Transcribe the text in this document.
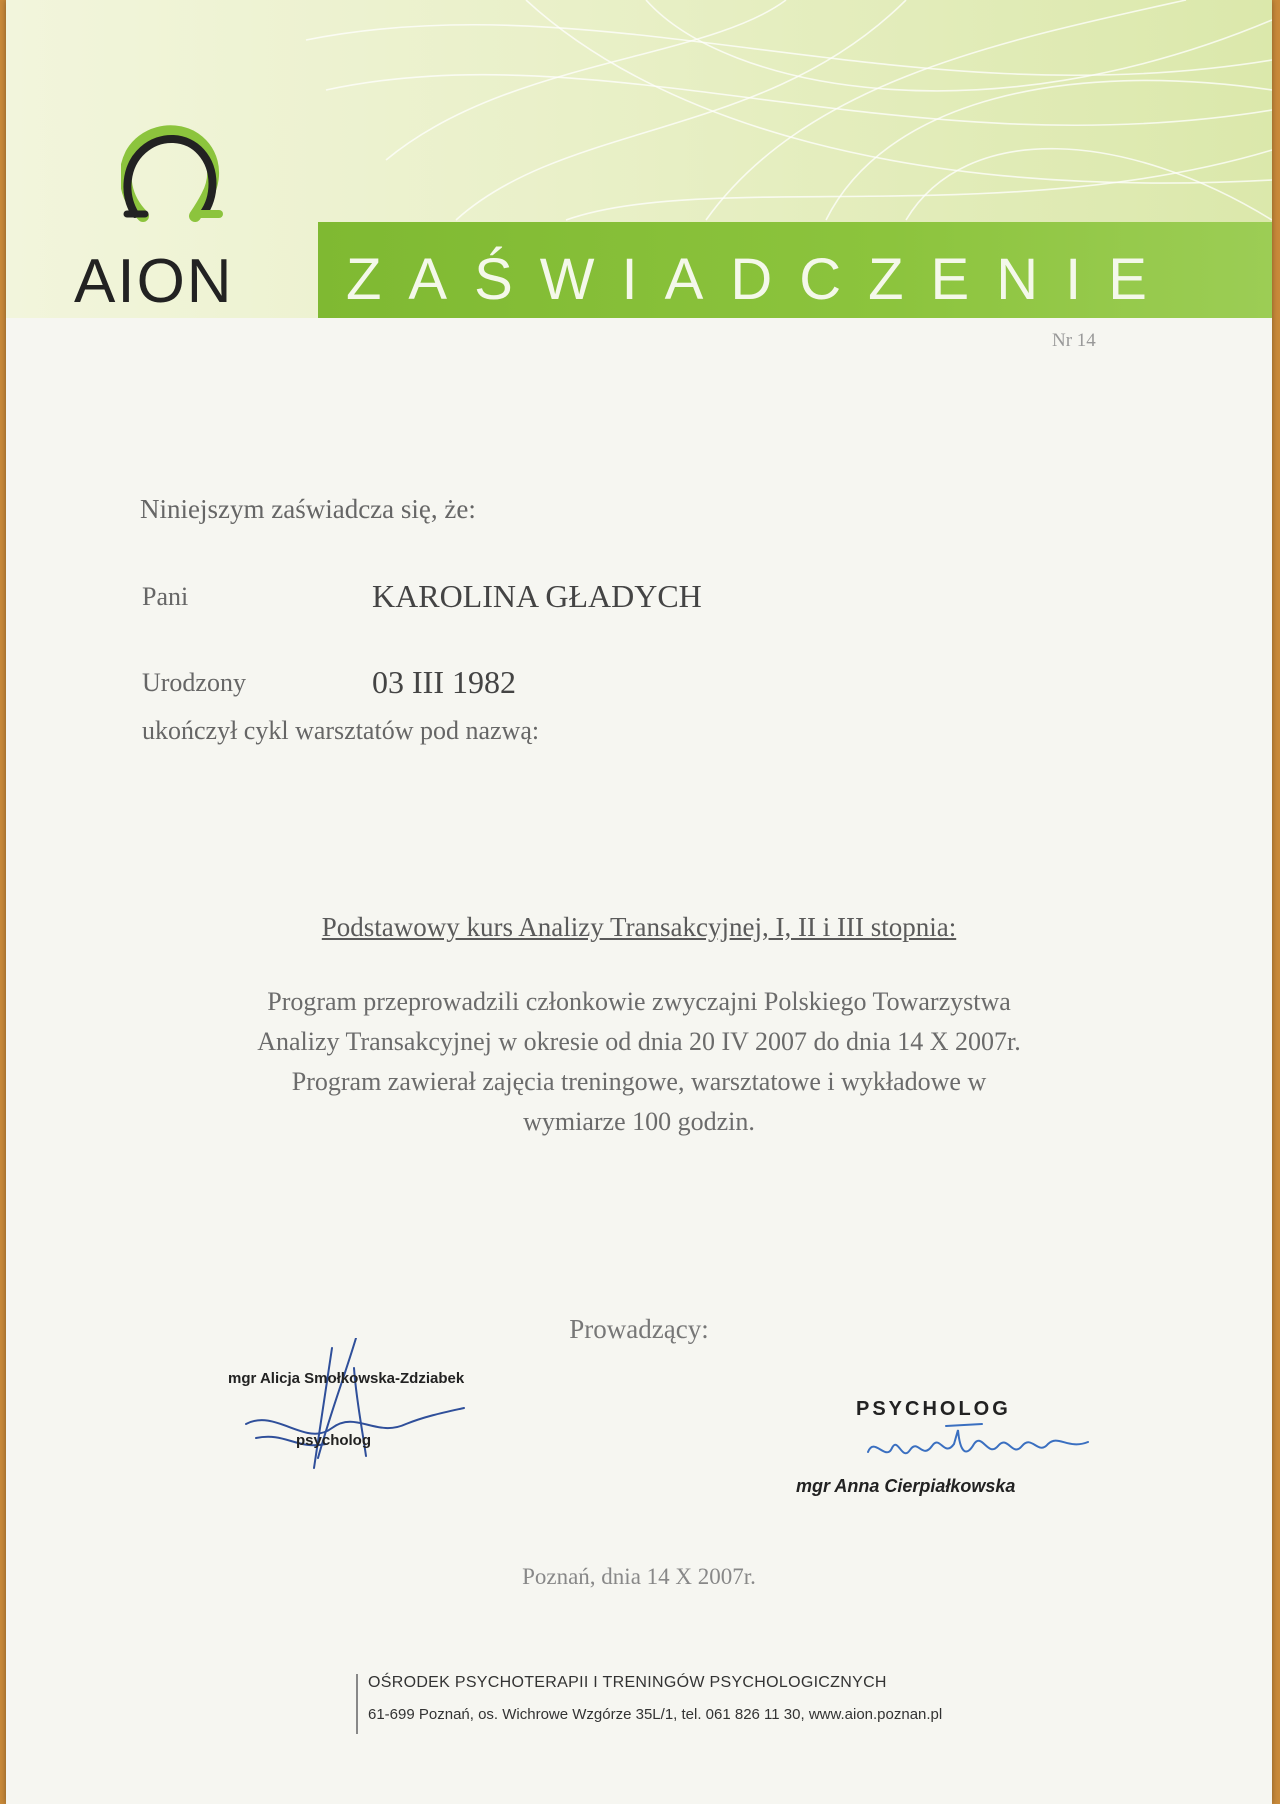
AION ZAŚWIADCZENIE
Nr 14
Niniejszym zaświadcza się, że:
Pani	KAROLINA GŁADYCH
Urodzony	03 III 1982
ukończył cykl warsztatów pod nazwą:
Podstawowy kurs Analizy Transakcyjnej, I, II i III stopnia:
Program przeprowadzili członkowie zwyczajni Polskiego Towarzystwa
Analizy Transakcyjnej w okresie od dnia 20 IV 2007 do dnia 14 X 2007r.
Program zawierał zajęcia treningowe, warsztatowe i wykładowe w
wymiarze 100 godzin.
Prowadzący:
mgr Alicja Smołkowska-Zdziabek
psycholog
PSYCHOLOG
mgr Anna Cierpiałkowska
Poznań, dnia 14 X 2007r.
OŚRODEK PSYCHOTERAPII I TRENINGÓW PSYCHOLOGICZNYCH
61-699 Poznań, os. Wichrowe Wzgórze 35L/1, tel. 061 826 11 30, www.aion.poznan.pl
